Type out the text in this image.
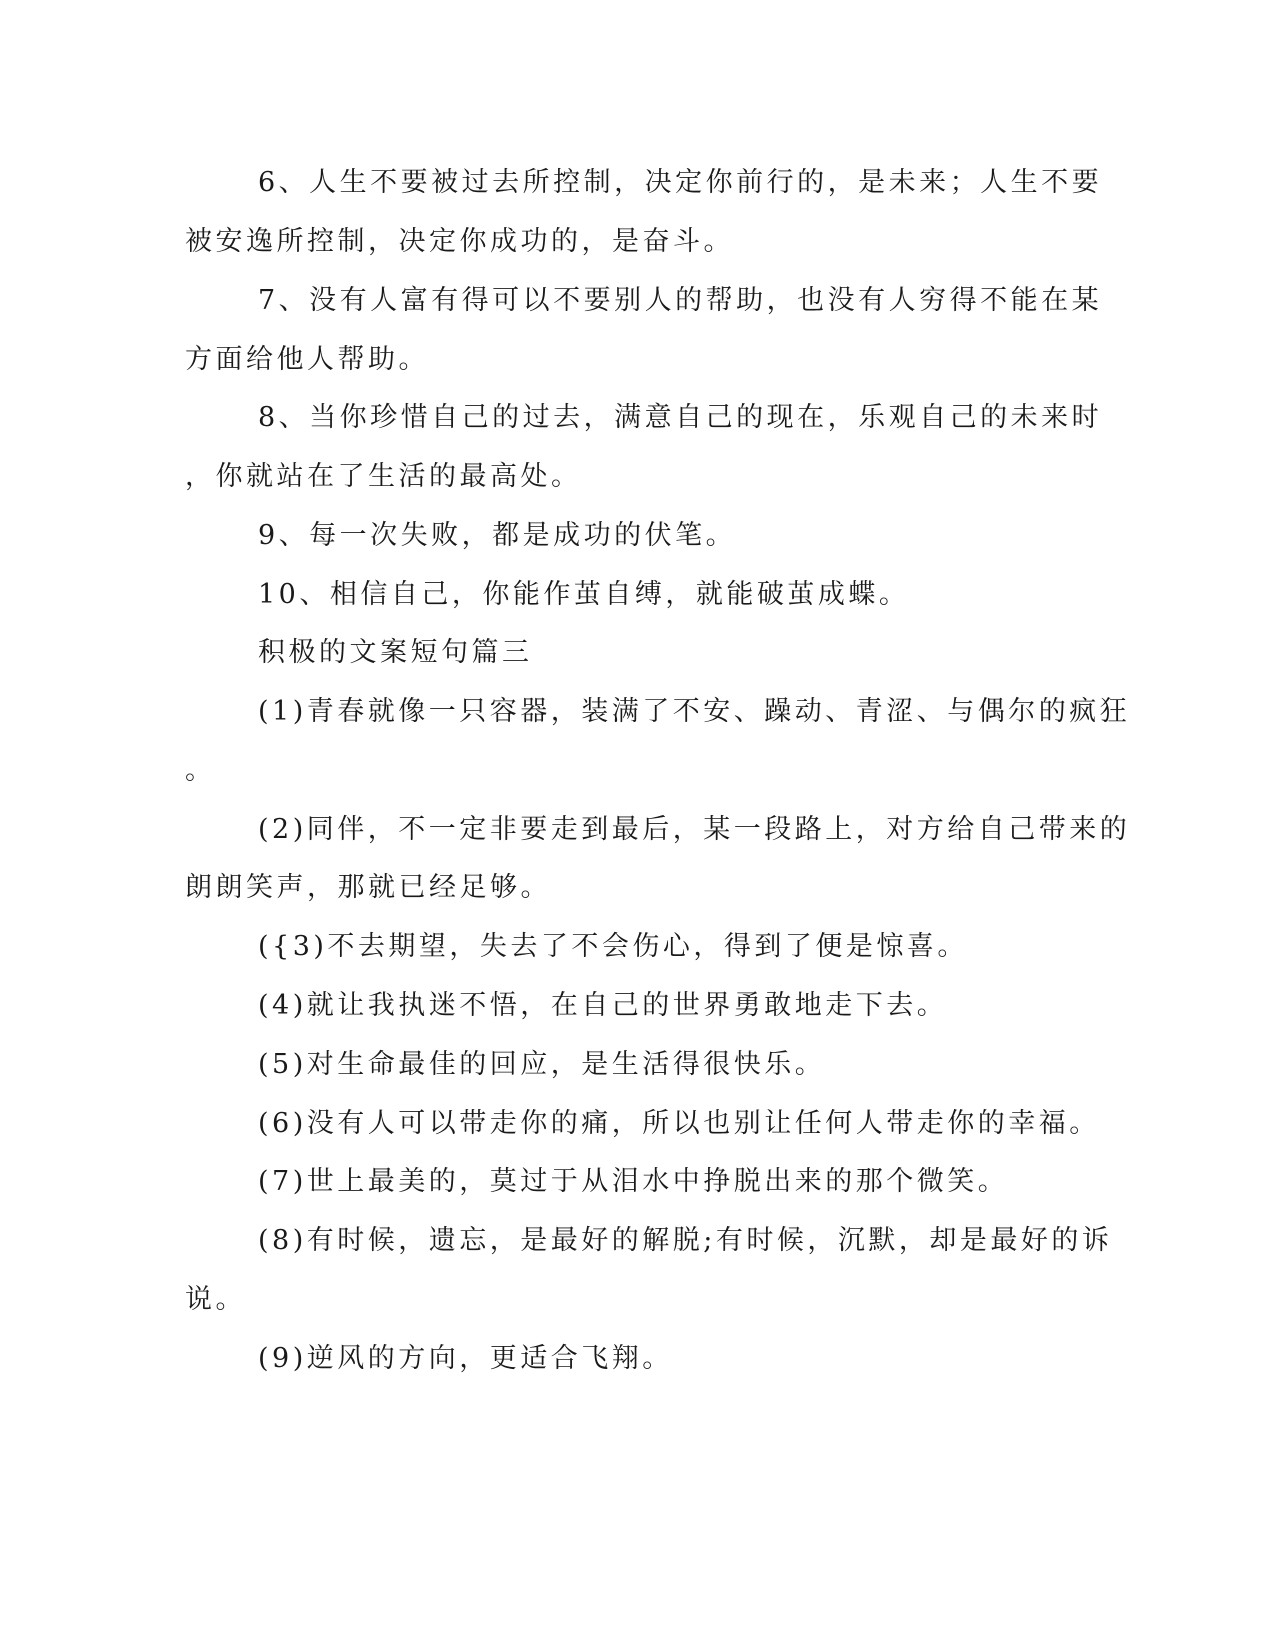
6、人生不要被过去所控制，决定你前行的，是未来；人生不要
被安逸所控制，决定你成功的，是奋斗。
7、没有人富有得可以不要别人的帮助，也没有人穷得不能在某
方面给他人帮助。
8、当你珍惜自己的过去，满意自己的现在，乐观自己的未来时
，你就站在了生活的最高处。
9、每一次失败，都是成功的伏笔。
10、相信自己，你能作茧自缚，就能破茧成蝶。
积极的文案短句篇三
(1)青春就像一只容器，装满了不安、躁动、青涩、与偶尔的疯狂
。
(2)同伴，不一定非要走到最后，某一段路上，对方给自己带来的
朗朗笑声，那就已经足够。
({3)不去期望，失去了不会伤心，得到了便是惊喜。
(4)就让我执迷不悟，在自己的世界勇敢地走下去。
(5)对生命最佳的回应，是生活得很快乐。
(6)没有人可以带走你的痛，所以也别让任何人带走你的幸福。
(7)世上最美的，莫过于从泪水中挣脱出来的那个微笑。
(8)有时候，遗忘，是最好的解脱;有时候，沉默，却是最好的诉
说。
(9)逆风的方向，更适合飞翔。
